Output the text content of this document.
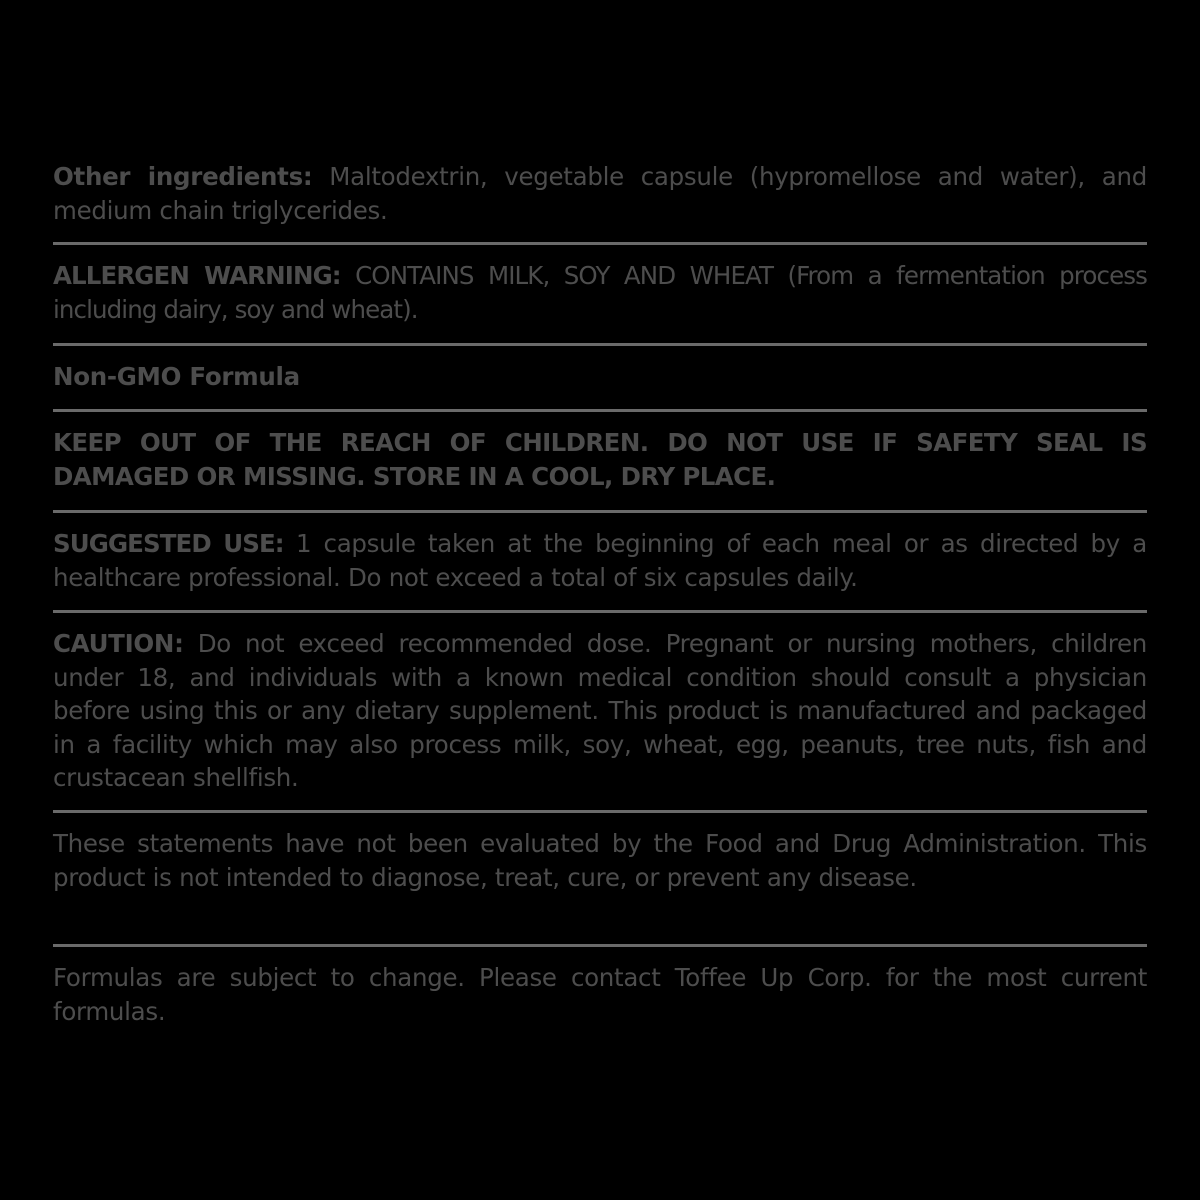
Other ingredients: Maltodextrin, vegetable capsule (hypromellose and water), and medium chain triglycerides.

ALLERGEN WARNING: CONTAINS MILK, SOY AND WHEAT (From a fermentation process including dairy, soy and wheat).

Non-GMO Formula

KEEP OUT OF THE REACH OF CHILDREN. DO NOT USE IF SAFETY SEAL IS DAMAGED OR MISSING. STORE IN A COOL, DRY PLACE.

SUGGESTED USE: 1 capsule taken at the beginning of each meal or as directed by a healthcare professional. Do not exceed a total of six capsules daily.

CAUTION: Do not exceed recommended dose. Pregnant or nursing mothers, children under 18, and individuals with a known medical condition should consult a physician before using this or any dietary supplement. This product is manufactured and packaged in a facility which may also process milk, soy, wheat, egg, peanuts, tree nuts, fish and crustacean shellfish.

These statements have not been evaluated by the Food and Drug Administration. This product is not intended to diagnose, treat, cure, or prevent any disease.

Formulas are subject to change. Please contact Toffee Up Corp. for the most current formulas.
